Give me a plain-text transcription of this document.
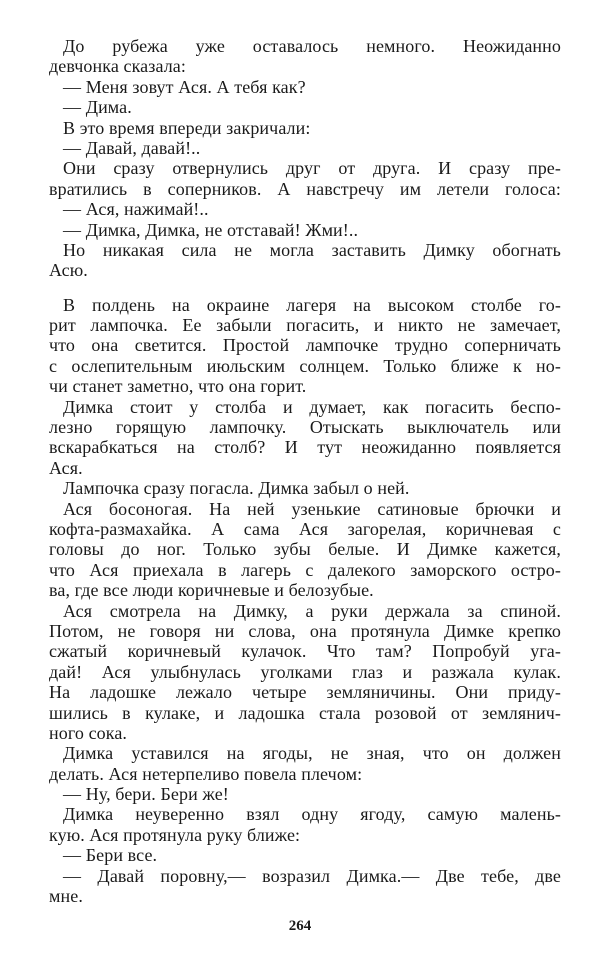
До рубежа уже оставалось немного. Неожиданно
девчонка сказала:
— Меня зовут Ася. А тебя как?
— Дима.
В это время впереди закричали:
— Давай, давай!..
Они сразу отвернулись друг от друга. И сразу пре-
вратились в соперников. А навстречу им летели голоса:
— Ася, нажимай!..
— Димка, Димка, не отставай! Жми!..
Но никакая сила не могла заставить Димку обогнать
Асю.
В полдень на окраине лагеря на высоком столбе го-
рит лампочка. Ее забыли погасить, и никто не замечает,
что она светится. Простой лампочке трудно соперничать
с ослепительным июльским солнцем. Только ближе к но-
чи станет заметно, что она горит.
Димка стоит у столба и думает, как погасить беспо-
лезно горящую лампочку. Отыскать выключатель или
вскарабкаться на столб? И тут неожиданно появляется
Ася.
Лампочка сразу погасла. Димка забыл о ней.
Ася босоногая. На ней узенькие сатиновые брючки и
кофта-размахайка. А сама Ася загорелая, коричневая с
головы до ног. Только зубы белые. И Димке кажется,
что Ася приехала в лагерь с далекого заморского остро-
ва, где все люди коричневые и белозубые.
Ася смотрела на Димку, а руки держала за спиной.
Потом, не говоря ни слова, она протянула Димке крепко
сжатый коричневый кулачок. Что там? Попробуй уга-
дай! Ася улыбнулась уголками глаз и разжала кулак.
На ладошке лежало четыре земляничины. Они приду-
шились в кулаке, и ладошка стала розовой от землянич-
ного сока.
Димка уставился на ягоды, не зная, что он должен
делать. Ася нетерпеливо повела плечом:
— Ну, бери. Бери же!
Димка неуверенно взял одну ягоду, самую малень-
кую. Ася протянула руку ближе:
— Бери все.
— Давай поровну,— возразил Димка.— Две тебе, две
мне.
264
